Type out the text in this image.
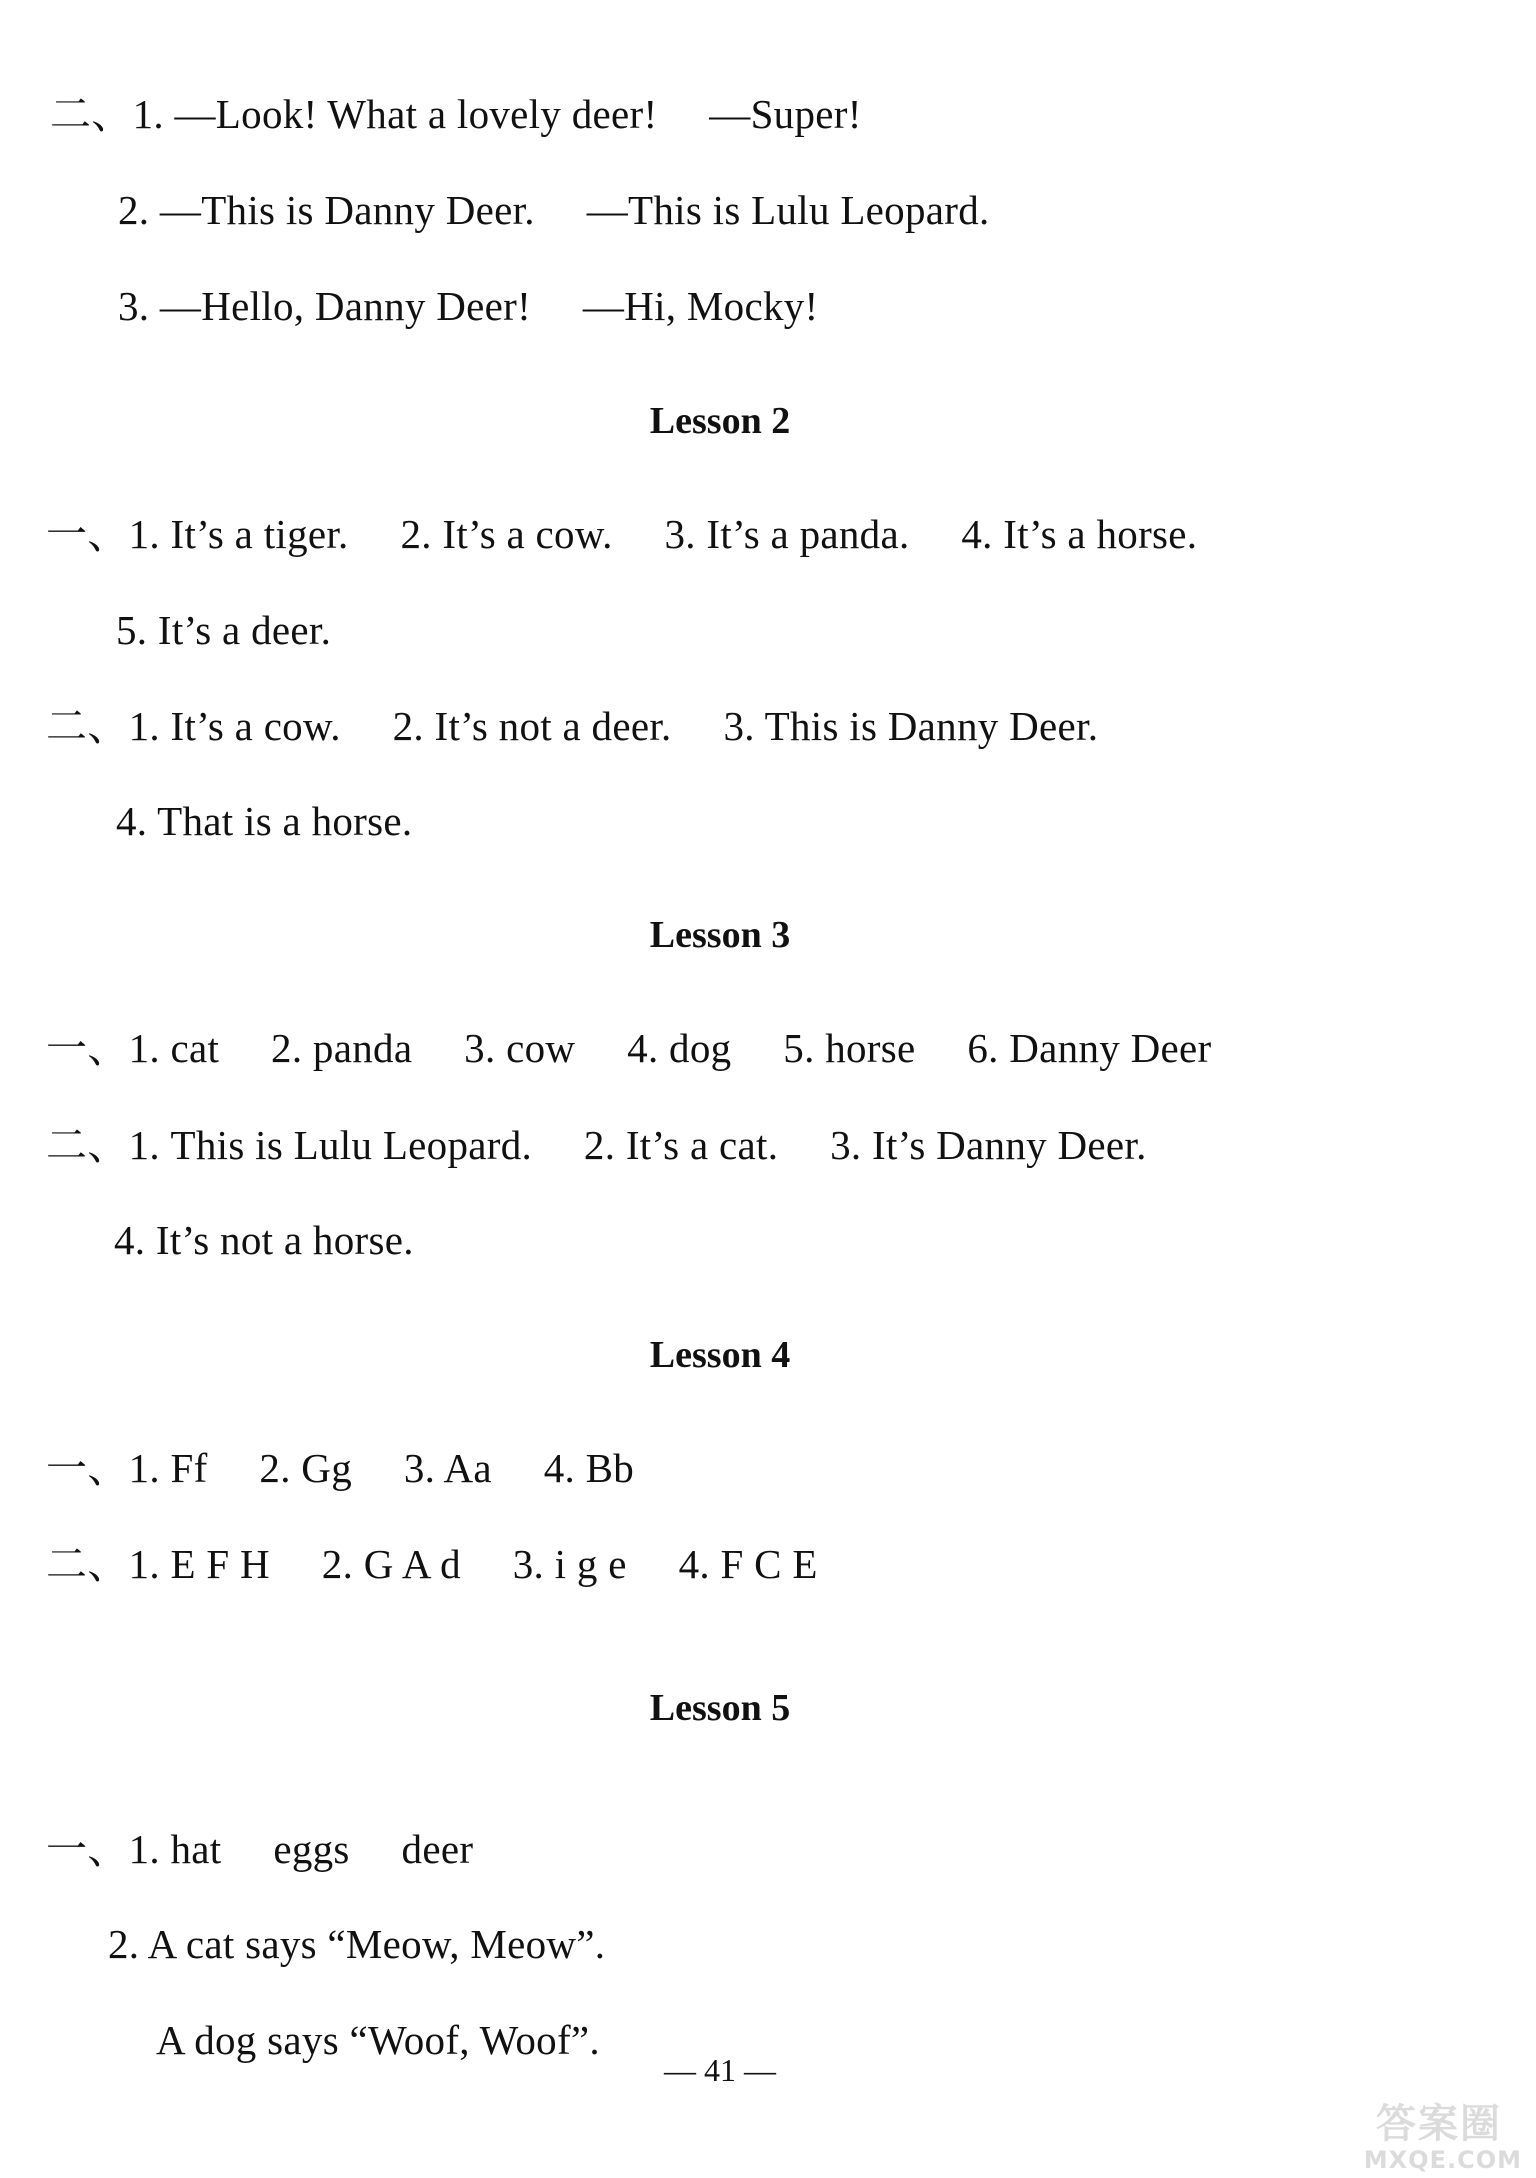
二、1. —Look! What a lovely deer!　 —Super!
2. —This is Danny Deer.　 —This is Lulu Leopard.
3. —Hello, Danny Deer!　 —Hi, Mocky!
Lesson 2
一、1. It’s a tiger.　 2. It’s a cow.　 3. It’s a panda.　 4. It’s a horse.
5. It’s a deer.
二、1. It’s a cow.　 2. It’s not a deer.　 3. This is Danny Deer.
4. That is a horse.
Lesson 3
一、1. cat　 2. panda　 3. cow　 4. dog　 5. horse　 6. Danny Deer
二、1. This is Lulu Leopard.　 2. It’s a cat.　 3. It’s Danny Deer.
4. It’s not a horse.
Lesson 4
一、1. Ff　 2. Gg　 3. Aa　 4. Bb
二、1. E F H　 2. G A d　 3. i g e　 4. F C E
Lesson 5
一、1. hat　 eggs　 deer
2. A cat says “Meow, Meow”.
A dog says “Woof, Woof”.
— 41 —
答案圈
MXQE.COM
